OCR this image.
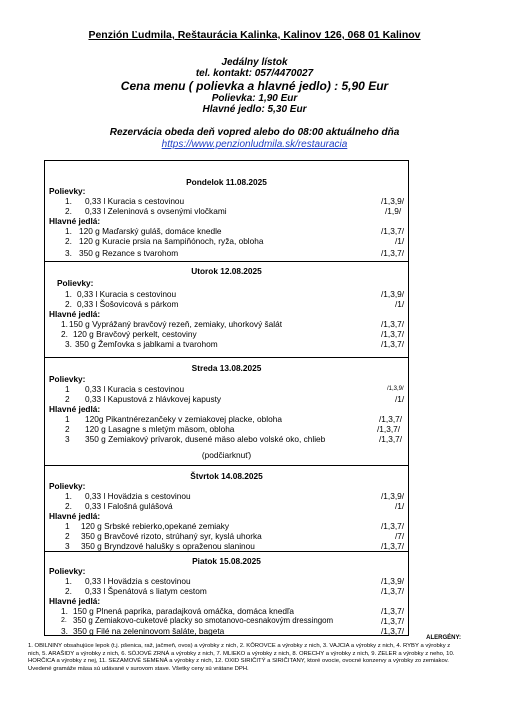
Penzión Ľudmila, Reštaurácia Kalinka, Kalinov 126, 068 01 Kalinov
Jedálny lístok
tel. kontakt: 057/4470027
Cena menu ( polievka a hlavné jedlo) : 5,90 Eur
Polievka: 1,90 Eur
Hlavné jedlo: 5,30 Eur
Rezervácia obeda deň vopred alebo do 08:00 aktuálneho dňa
https://www.penzionludmila.sk/restauracia
Pondelok 11.08.2025
Polievky:
1. 0,33 l Kuracia s cestovinou	/1,3,9/
2. 0,33 l Zeleninová s ovsenými vločkami	/1,9/
Hlavné jedlá:
1. 120 g Maďarský guláš, domáce knedle	/1,3,7/
2. 120 g Kuracie prsia na šampiňónoch, ryža, obloha	/1/
3. 350 g Rezance s tvarohom	/1,3,7/
Utorok 12.08.2025
Polievky:
1. 0,33 l Kuracia s cestovinou	/1,3,9/
2. 0,33 l Šošovicová s párkom	/1/
Hlavné jedlá:
1. 150 g Vyprážaný bravčový rezeň, zemiaky, uhorkový šalát	/1,3,7/
2. 120 g Bravčový perkelt, cestoviny	/1,3,7/
3. 350 g Žemľovka s jablkami a tvarohom	/1,3,7/
Streda 13.08.2025
Polievky:
1 0,33 l Kuracia s cestovinou	/1,3,9/
2 0,33 l Kapustová z hlávkovej kapusty	/1/
Hlavné jedlá:
1 120g Pikantnérezančeky v zemiakovej placke, obloha	/1,3,7/
2 120 g Lasagne s mletým mäsom, obloha	/1,3,7/
3 350 g Zemiakový prívarok, dusené mäso alebo volské oko, chlieb	/1,3,7/
(podčiarknuť)
Štvrtok 14.08.2025
Polievky:
1. 0,33 l Hovädzia s cestovinou	/1,3,9/
2. 0,33 l Falošná gulášová	/1/
Hlavné jedlá:
1 120 g Srbské rebierko,opekané zemiaky	/1,3,7/
2 350 g Bravčové rizoto, strúhaný syr, kyslá uhorka	/7/
3 350 g Bryndzové halušky s opraženou slaninou	/1,3,7/
Piatok 15.08.2025
Polievky:
1. 0,33 l Hovädzia s cestovinou	/1,3,9/
2. 0,33 l Špenátová s liatym cestom	/1,3,7/
Hlavné jedlá:
1. 150 g Plnená paprika, paradajková omáčka, domáca knedľa	/1,3,7/
2. 350 g Zemiakovo-cuketové placky so smotanovo-cesnakovým dressingom	/1,3,7/
3. 350 g Filé na zeleninovom šaláte, bageta	/1,3,7/
ALERGÉNY:
1. OBILNINY obsahujúce lepok (t.j. pšenica, raž, jačmeň, ovos) a výrobky z nich, 2. KÔROVCE a výrobky z nich, 3. VAJCIA a výrobky z nich, 4. RYBY a výrobky z nich, 5. ARAŠIDY a výrobky z nich, 6. SÓJOVÉ ZRNÁ a výrobky z nich, 7. MLIEKO a výrobky z nich, 8. ORECHY a výrobky z nich, 9. ZELER a výrobky z neho, 10. HORČICA a výrobky z nej, 11. SEZAMOVÉ SEMENÁ a výrobky z nich, 12. OXID SIRIČITÝ a SIRIČITANY, ktoré ovocie, ovocné konzervy a výrobky zo zemiakov. Uvedené gramáže mäsa sú udávané v surovom stave. Všetky ceny sú vrátane DPH.
